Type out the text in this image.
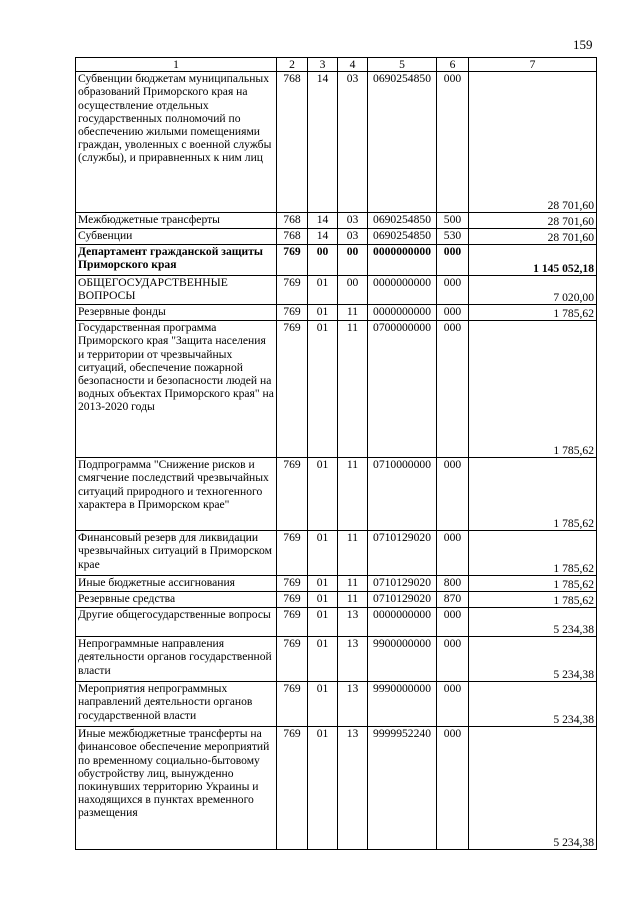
159
1	2	3	4	5	6	7
Субвенции бюджетам муниципальных образований Приморского края на осуществление отдельных государственных полномочий по обеспечению жилыми помещениями граждан, уволенных с военной службы (службы), и приравненных к ним лиц	768	14	03	0690254850	000	28 701,60
Межбюджетные трансферты	768	14	03	0690254850	500	28 701,60
Субвенции	768	14	03	0690254850	530	28 701,60
Департамент гражданской защиты Приморского края	769	00	00	0000000000	000	1 145 052,18
ОБЩЕГОСУДАРСТВЕННЫЕ ВОПРОСЫ	769	01	00	0000000000	000	7 020,00
Резервные фонды	769	01	11	0000000000	000	1 785,62
Государственная программа Приморского края "Защита населения и территории от чрезвычайных ситуаций, обеспечение пожарной безопасности и безопасности людей на водных объектах Приморского края" на 2013-2020 годы	769	01	11	0700000000	000	1 785,62
Подпрограмма "Снижение рисков и смягчение последствий чрезвычайных ситуаций природного и техногенного характера в Приморском крае"	769	01	11	0710000000	000	1 785,62
Финансовый резерв для ликвидации чрезвычайных ситуаций в Приморском крае	769	01	11	0710129020	000	1 785,62
Иные бюджетные ассигнования	769	01	11	0710129020	800	1 785,62
Резервные средства	769	01	11	0710129020	870	1 785,62
Другие общегосударственные вопросы	769	01	13	0000000000	000	5 234,38
Непрограммные направления деятельности органов государственной власти	769	01	13	9900000000	000	5 234,38
Мероприятия непрограммных направлений деятельности органов государственной власти	769	01	13	9990000000	000	5 234,38
Иные межбюджетные трансферты на финансовое обеспечение мероприятий по временному социально-бытовому обустройству лиц, вынужденно покинувших территорию Украины и находящихся в пунктах временного размещения	769	01	13	9999952240	000	5 234,38
